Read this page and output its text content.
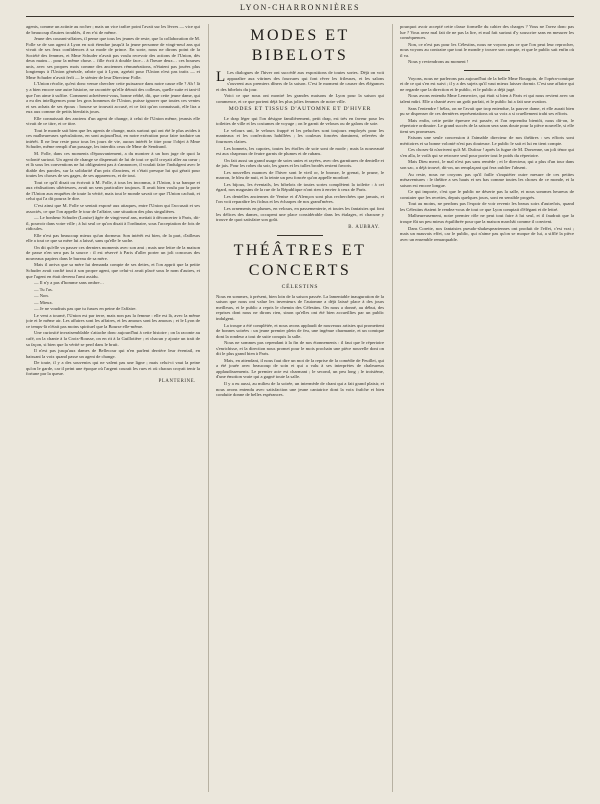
LYON-CHARRONNIÈRES

agents, comme un actinie au rocher ; mais un vice traître point l'avait sur les lèvres — vice qui de beaucoup d'autres troublés, il en e'st de même.

Jeune des courant-affaires, il pense que tous les jeunes de reste, que la collaboration de M. Folle se de son agent à Lyon en soit étendue jusqu'à la jeune personne de vingt-neuf ans qui vivait de ses feux confidences à sa mode de prince. En sorte, nous ne dirons point de la Société des femmes, et Mme Schuder n'avait pas voulu recevoir des actions de l'Union, dès deux mains… pour la même chose… fille écrit à double face… à l'heure deux… ces bourses unis, avec ses propres mots comme des anciennes rémunérations, n'étaient pas jouées plus longtemps à l'Union générale, rabrie qui à Lyon, agréait pour l'Union n'est pas traits — et Mme Schuder n'avait ferli — le sténier de leur Directeur Folle.

L'Union récolte, qu'est donc venue chercher cette puissance dans notre cause elle ? Ah ! là y a bien encore une autre histoire, ne racontée qu'elle détruit des colleurs, quelle suite et tant-il que l'on aime à suffire. Comment achetèrent-vous, bonne rebbé, dit, que cette jeune dame, qui a eu des intelligences pour les gros honneurs de l'Union, puisse ignorer que toutes ces ventes et ses achats de ses époux : bourse se trouvait accusé, et ce fait qu'on connaissait, elle lira a eux aux comme de petits bienfaits jours.

Elle connaissait des anciens d'un agent de change, à celui de l'Union même, jeunsis elle vivait de ce titre, et ce titre.

Tout le monde sait bien que les agents de change, mais surtout qui ont été le plus avides à ces malheureuses spéculations, en sont aujourd'hui, en notre exécution pour faire traduire un intérêt. Il ne leur reste pour tous les jours de vie, aucun intérêt le titre pour l'objet à Mme Schuder, même rempli d'un passage, les interdits ceux de Mme de Sendrand.

M. Folle, dans ces moments d'épouvantement, a du montrer à un bon juge de quoi la volonté surtout. Un agent de change se dispensait de lui de tout ce qu'il croyait aller au cœur ; et là sous les conventions ne lui obligeaient pas à s'annoncer, il voulait faire l'indulgent avec le diable des paroles, sur la solidarité d'un prix d'anciens, et c'était presque lui qui gérait pour toutes les choses de ses gages, de ses apparences, et de tout.

Tout ce qu'il disait ou écrivait à M. Folle, à tous les inconnus, à l'Union, à sa banque et aux réalisations ultérieures, avait un sens particulier toujours. Il avait bien voulu par la porte de l'Union aux enquêtes de toute la vérité, mais tout le monde savait ce que l'Union cachait, et celui qui l'a dit pourra le dire.

C'est ainsi que M. Folle se sentait exposé aux attaques, entre l'Union qui l'accusait et ses associés, ce que l'on appelle le tour de l'affaire, une situation des plus singulières.

— Le bonheur Schuder (Louise) âgée de vingt-neuf ans, mettait à déconcerter à Paris, dit-il, pouvoir dans votre ville ; à lui seul ce qu'on disait à l'ordinaire, sous l'acceptation de fois de ridicules.

Elle n'est pas beaucoup mieux qu'un dormeur. Son intérêt est bien, de la part, d'ailleurs elle a tout ce que sa mère lui a laissé, sans qu'elle le sache.

On dit qu'elle va passer ces derniers moments avec son ami ; mais une lettre de la maison de passe n'en sera pas la source : il est réservé à Paris d'aller porter un joli concours des nouveaux papiers dans le bureau de sa mère.

Mais il arriva que sa mère lui demanda compte de ses dettes, et l'on apprit que la petite Schuder avait confié tout à son propre agent, que celui-ci avait placé sous le nom d'autres, et que l'agent en était devenu l'ami assidu.

— Il n'y a pas d'homme sans ombre…

— Tu l'as.

— Non.

— Mieux.

— Je ne voudrais pas que tu fusses en peine de l'affaire.

Le vent a tourné, l'Union est par terre, mais non pas la femme : elle est là, avec la même joie et le même air. Les affaires sont les affaires, et les amours sont les amours ; et le Lyon de ce temps-là n'était pas moins spirituel que la Bourse elle-même.

Une curiosité invraisemblable s'attache donc aujourd'hui à cette histoire ; on la raconte au café, on la chante à la Croix-Rousse, on en rit à la Guillotière ; et chacun y ajoute un trait de sa façon, si bien que la vérité se perd dans le bruit.

Il n'est pas jusqu'aux dames de Bellecour qui n'en parlent derrière leur éventail, en baissant la voix quand passe un agent de change.

De toute, il y a des souvenirs qui ne valent pas une ligne ; mais celui-ci vaut la peine qu'on le garde, car il peint une époque où l'argent courait les rues et où chacun croyait tenir la fortune par la queue.

PLANTERINE.
MODES ET BIBELOTS

L Les dialogues de l'hiver ont succédé aux expositions de toutes sortes. Déjà on voit apparaître aux vitrines des fourrures qui font rêver les frileuses, et les salons s'ouvrent aux premiers dîners de la saison. C'est le moment de causer des élégances et des bibelots du jour.

Voici ce que nous ont montré les grandes maisons de Lyon pour la saison qui commence, et ce que portent déjà les plus jolies femmes de notre ville.

MODES ET TISSUS D'AUTOMNE ET D'HIVER

Le drap léger qui l'on désigne familièrement, petit drap, est très en faveur pour les toilettes de ville et les costumes de voyage ; on le garnit de velours ou de galons de soie.

Le velours uni, le velours frappé et les peluches sont toujours employés pour les manteaux et les confections habillées ; les couleurs foncées dominent, relevées de fourrures claires.

Les bonnets, les capotes, toutes les étoffes de soie sont de mode ; mais la nouveauté est aux chapeaux de feutre garnis de plumes et de rubans.

On fait aussi un grand usage de soies unies et rayées, avec des garnitures de dentelle et de jais. Pour les robes du soir, les gazes et les tulles brodés restent favoris.

Les nouvelles nuances de l'hiver sont le vieil or, le bronze, le grenat, le prune, le marron, le bleu de nuit, et la teinte un peu foncée qu'on appelle mordoré.

Les bijoux, les éventails, les bibelots de toutes sortes complètent la toilette : à cet égard, nos magasins de la rue de la République n'ont rien à envier à ceux de Paris.

Les dentelles anciennes de Venise et d'Alençon sont plus recherchées que jamais, et l'on voit reparaître les fichus et les écharpes de nos grand'mères.

Les ornements en plumes, en velours, en passementerie, et toutes les fantaisies qui font les délices des dames, occupent une place considérable dans les étalages, et chacune y trouve de quoi satisfaire son goût.

B. AUBRAY.
THÉÂTRES ET CONCERTS
CÉLESTINS

Nous en sommes, à présent, bien loin de la saison passée. La lamentable inauguration de la saison que nous ont value les inventeurs de l'automne a déjà laissé place à des jours meilleurs, et le public a repris le chemin des Célestins. On nous a donné, au début, des reprises dont nous ne dirons rien, sinon qu'elles ont été bien accueillies par un public indulgent.

La troupe a été complétée, et nous avons applaudi de nouveaux artistes qui promettent de bonnes soirées : un jeune premier plein de feu, une ingénue charmante, et un comique dont la rondeur a tout de suite conquis la salle.

Nous ne sommes pas cependant à la fin de nos étonnements : il faut que le répertoire s'enrichisse, et la direction nous promet pour le mois prochain une pièce nouvelle dont on dit le plus grand bien à Paris.

Mais, en attendant, il nous faut dire un mot de la reprise de la comédie de Feuillet, qui a été jouée avec beaucoup de soin et qui a valu à ses interprètes de chaleureux applaudissements. Le premier acte est charmant ; le second, un peu long ; le troisième, d'une émotion vraie qui a gagné toute la salle.

Il y a eu aussi, au milieu de la soirée, un intermède de chant qui a fait grand plaisir, et nous avons entendu avec satisfaction une jeune cantatrice dont la voix fraîche et bien conduite donne de belles espérances.

pourquoi avoir accepté cette classe formelle du cahier des charges ? Vous ne l'avez donc pas lue ? Vous avez mal fait de ne pas la lire, et mal fait surtout d'y souscrire sans en mesurer les conséquences.

Non, ce n'est pas pour les Célestins, nous ne voyons pas ce que l'on peut leur reprocher, nous voyons au contraire que tout le monde y trouve son compte, et que le public sait enfin où il va.

Nous y reviendrons au moment !

Voyons, nous ne parlerons pas aujourd'hui de la belle Mme Bourgoin, de l'opéra-comique et de ce qui s'en est suivi ; il y a des sujets qu'il vaut mieux laisser dormir. C'est une affaire qui ne regarde que la direction et le public, et le public a déjà jugé.

Nous avons entendu Mme Lemercier, qui était si bien à Paris et qui nous revient avec un talent mûri. Elle a chanté avec un goût parfait, et le public lui a fait une ovation.

Sans l'entendre ! hélas, on ne l'avait que trop entendue, la pauvre dame, et elle aurait bien pu se dispenser de ces dernières représentations où sa voix a si cruellement trahi ses efforts.

Mais enfin, cette petite épreuve est passée, et l'on reprendra bientôt, nous dit-on, le répertoire ordinaire. Le grand succès de la saison sera sans doute pour la pièce nouvelle, si elle tient ses promesses.

Faisons une seule concession à l'aimable directeur de nos théâtres : ses efforts sont méritoires et sa bonne volonté n'est pas douteuse. Le public le sait et lui en tient compte.

Ces choses-là n'arrivent qu'à M. Dufour ! après la fugue de M. Dorsenne, un joli ténor qui s'en alla, le voilà qui se retrouve seul pour porter tout le poids du répertoire.

Mais Dieu merci, le mal n'est pas sans remède ; et le directeur, qui a plus d'un tour dans son sac, a déjà trouvé, dit-on, un remplaçant qui fera oublier l'absent.

Au reste, nous ne croyons pas qu'il faille s'inquiéter outre mesure de ces petites mésaventures : le théâtre a ses hauts et ses bas comme toutes les choses de ce monde, et la saison est encore longue.

Ce qui importe, c'est que le public ne déserte pas la salle, et nous sommes heureux de constater que les recettes, depuis quelques jours, sont en sensible progrès.

Tout au moins, ne perdons pas l'espoir de voir revenir les beaux soirs d'autrefois, quand les Célestins étaient le rendez-vous de tout ce que Lyon comptait d'élégant et de lettré.

Malheureusement, notre premier rôle ne peut tout faire à lui seul, et il faudrait que la troupe fût un peu mieux équilibrée pour que la maison marchât comme il convient.

Dans Corette, nos fantaisies pseudo-shakespeariennes ont produit de l'effet, c'est vrai ; mais un mauvais effet, car le public, qui n'aime pas qu'on se moque de lui, a sifflé la pièce avec un ensemble remarquable.
